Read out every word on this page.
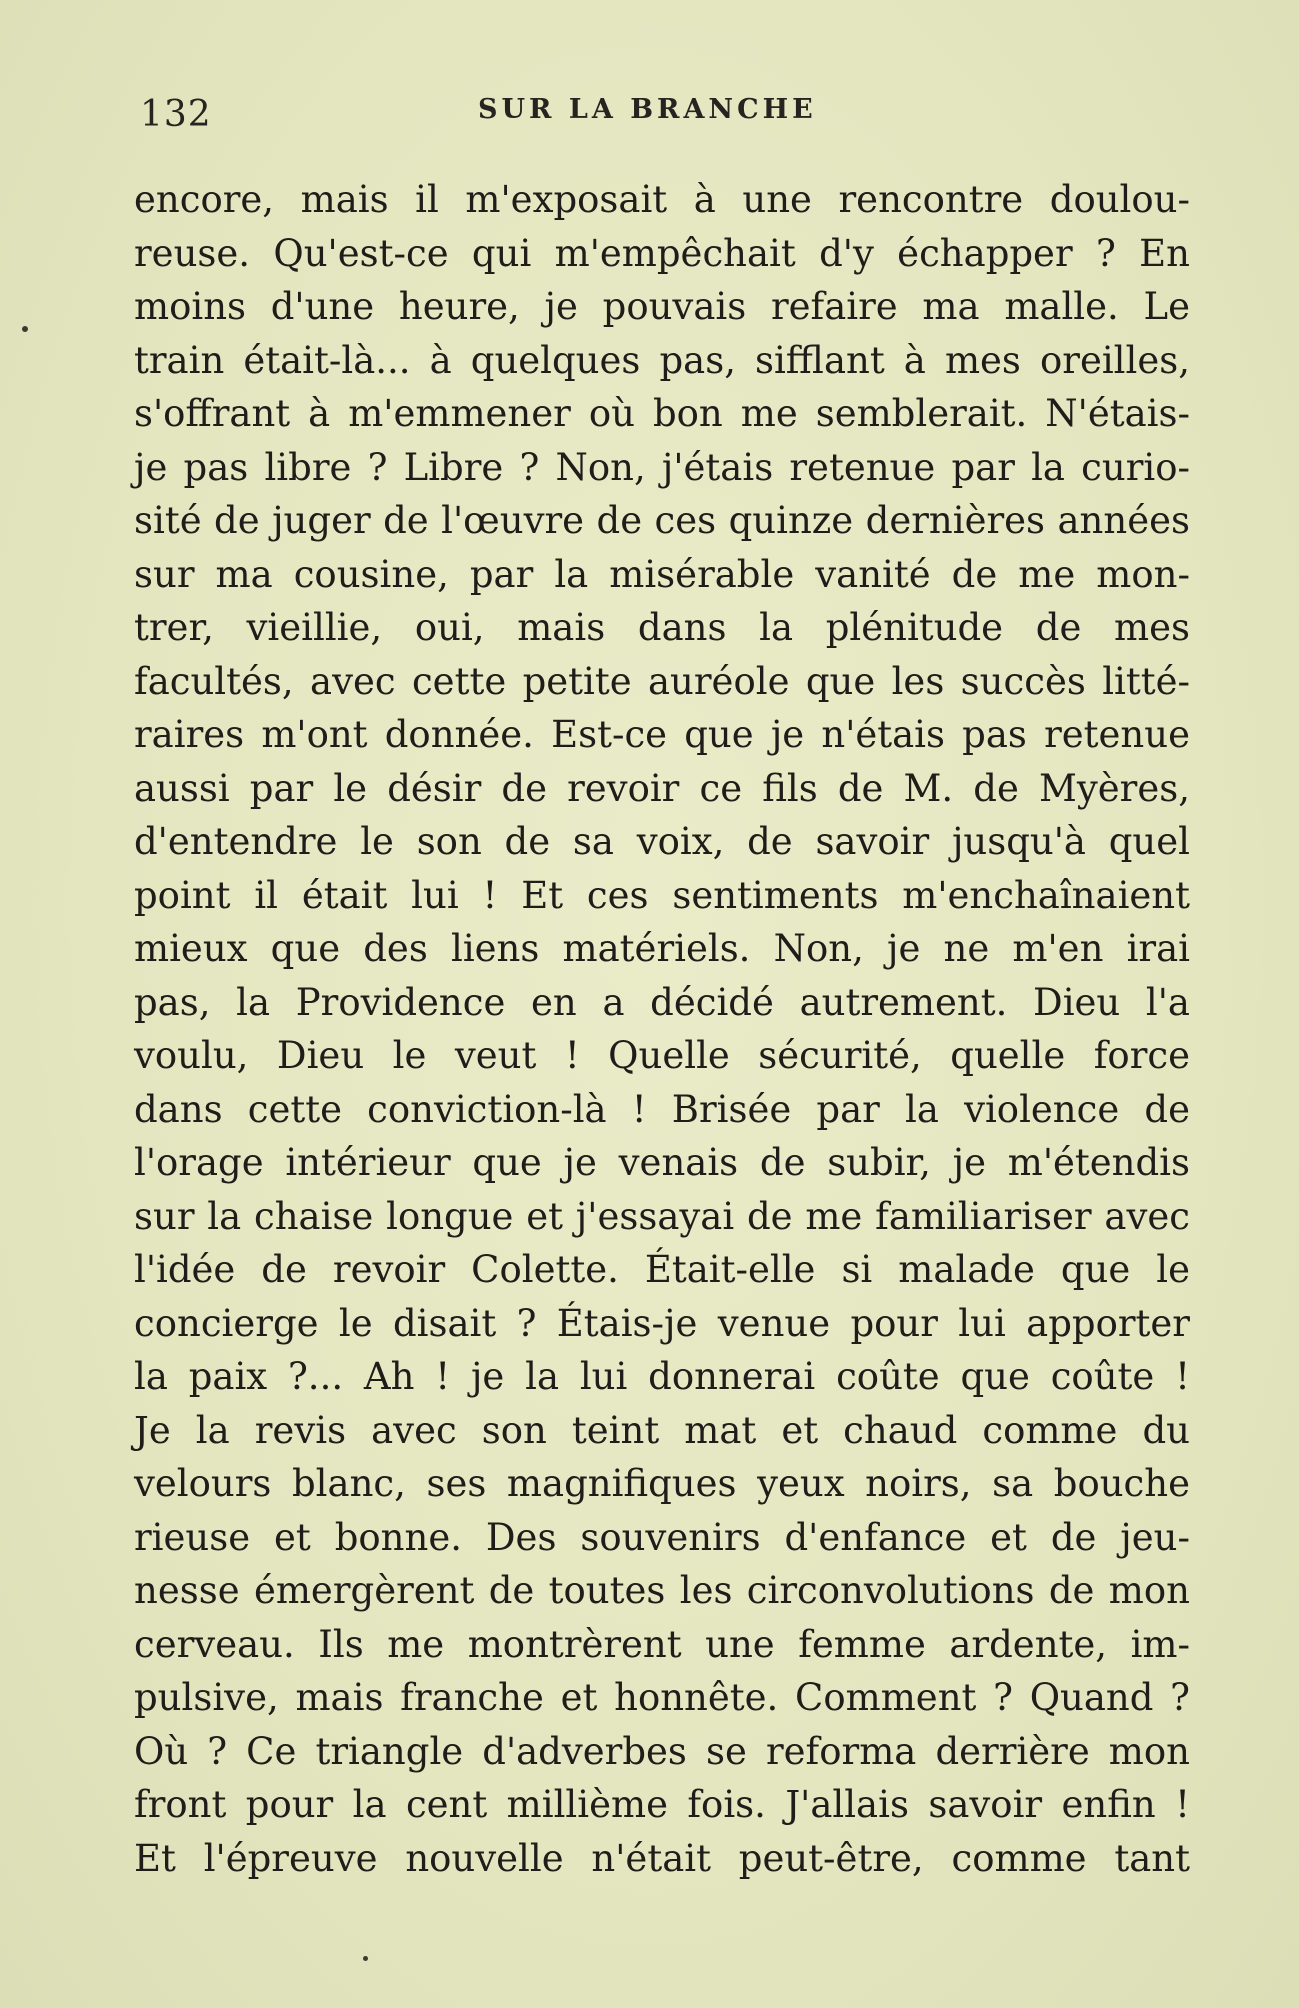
132	SUR LA BRANCHE
encore, mais il m'exposait à une rencontre doulou-
reuse. Qu'est-ce qui m'empêchait d'y échapper ? En
moins d'une heure, je pouvais refaire ma malle. Le
train était-là... à quelques pas, sifflant à mes oreilles,
s'offrant à m'emmener où bon me semblerait. N'étais-
je pas libre ? Libre ? Non, j'étais retenue par la curio-
sité de juger de l'œuvre de ces quinze dernières années
sur ma cousine, par la misérable vanité de me mon-
trer, vieillie, oui, mais dans la plénitude de mes
facultés, avec cette petite auréole que les succès litté-
raires m'ont donnée. Est-ce que je n'étais pas retenue
aussi par le désir de revoir ce fils de M. de Myères,
d'entendre le son de sa voix, de savoir jusqu'à quel
point il était lui ! Et ces sentiments m'enchaînaient
mieux que des liens matériels. Non, je ne m'en irai
pas, la Providence en a décidé autrement. Dieu l'a
voulu, Dieu le veut ! Quelle sécurité, quelle force
dans cette conviction-là ! Brisée par la violence de
l'orage intérieur que je venais de subir, je m'étendis
sur la chaise longue et j'essayai de me familiariser avec
l'idée de revoir Colette. Était-elle si malade que le
concierge le disait ? Étais-je venue pour lui apporter
la paix ?... Ah ! je la lui donnerai coûte que coûte !
Je la revis avec son teint mat et chaud comme du
velours blanc, ses magnifiques yeux noirs, sa bouche
rieuse et bonne. Des souvenirs d'enfance et de jeu-
nesse émergèrent de toutes les circonvolutions de mon
cerveau. Ils me montrèrent une femme ardente, im-
pulsive, mais franche et honnête. Comment ? Quand ?
Où ? Ce triangle d'adverbes se reforma derrière mon
front pour la cent millième fois. J'allais savoir enfin !
Et l'épreuve nouvelle n'était peut-être, comme tant
